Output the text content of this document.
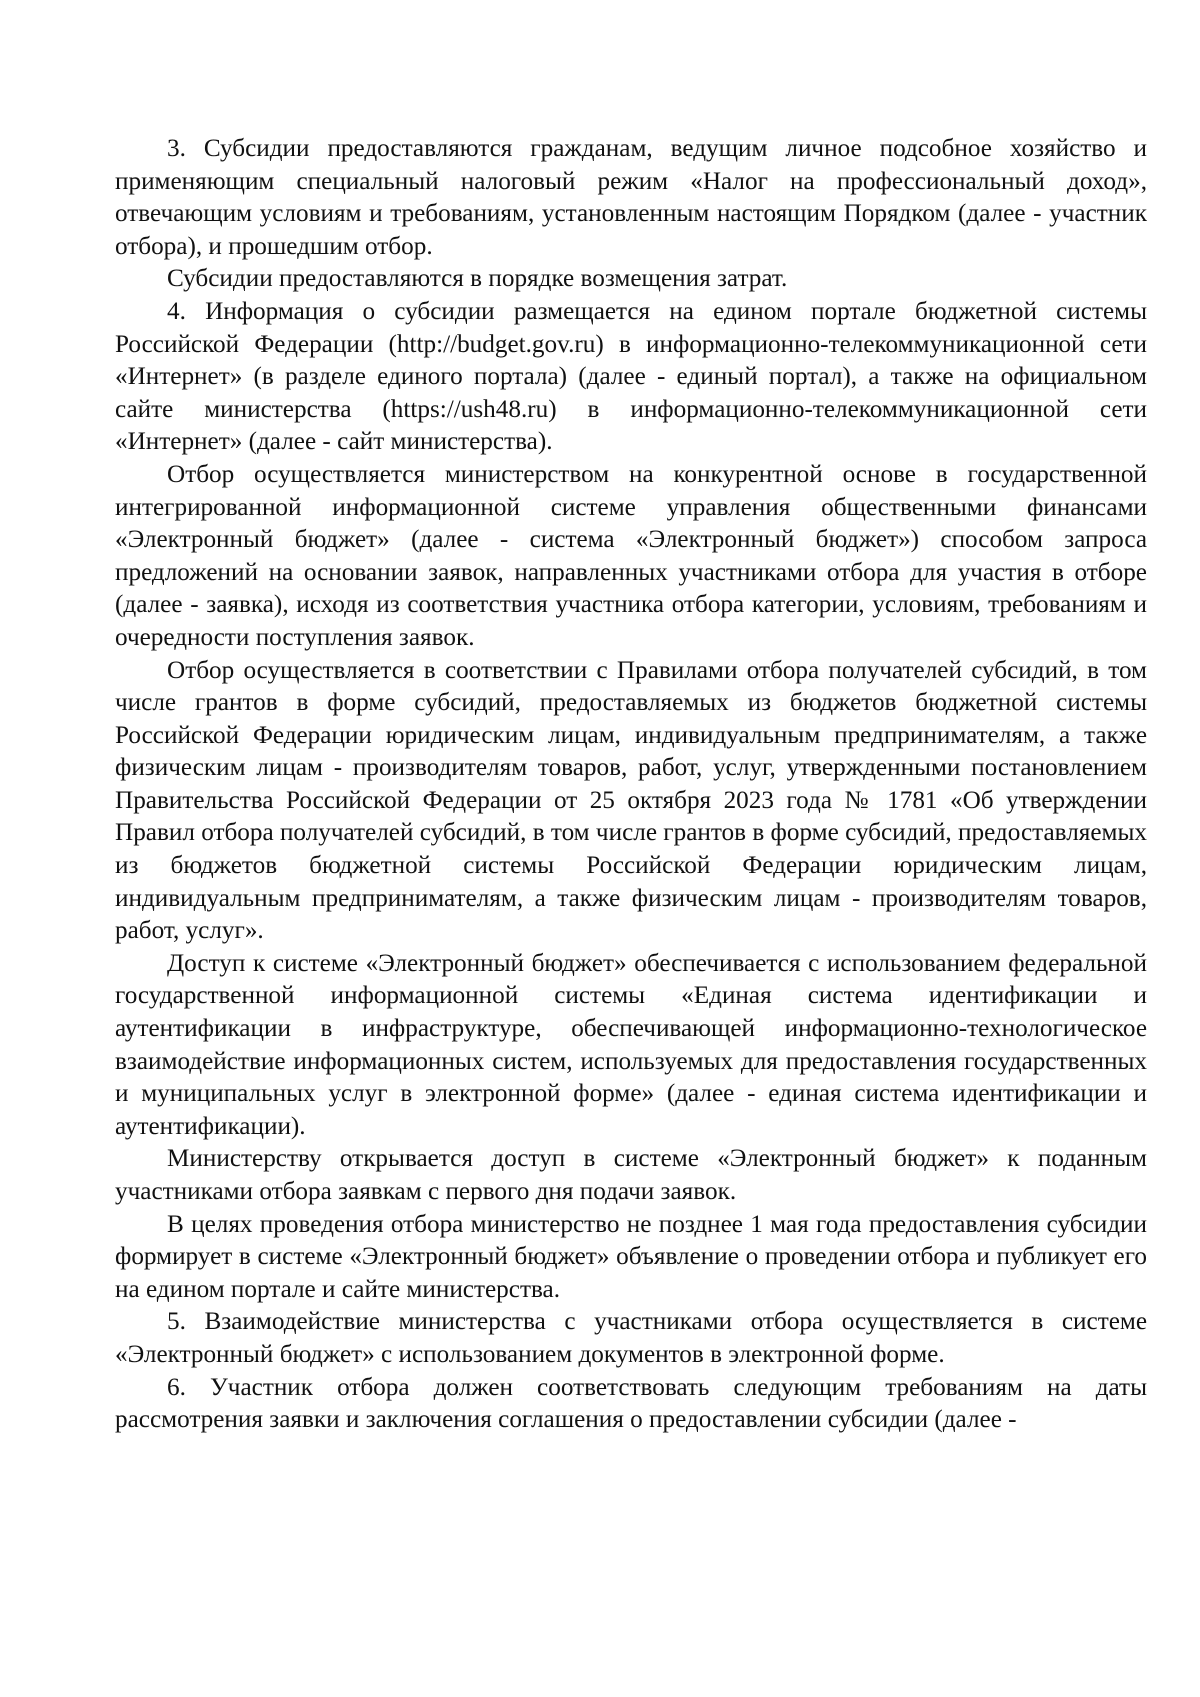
3. Субсидии предоставляются гражданам, ведущим личное подсобное хозяйство и применяющим специальный налоговый режим «Налог на профессиональный доход», отвечающим условиям и требованиям, установленным настоящим Порядком (далее - участник отбора), и прошедшим отбор.

Субсидии предоставляются в порядке возмещения затрат.

4. Информация о субсидии размещается на едином портале бюджетной системы Российской Федерации (http://budget.gov.ru) в информационно-телекоммуникационной сети «Интернет» (в разделе единого портала) (далее - единый портал), а также на официальном сайте министерства (https://ush48.ru) в информационно-телекоммуникационной сети «Интернет» (далее - сайт министерства).

Отбор осуществляется министерством на конкурентной основе в государственной интегрированной информационной системе управления общественными финансами «Электронный бюджет» (далее - система «Электронный бюджет») способом запроса предложений на основании заявок, направленных участниками отбора для участия в отборе (далее - заявка), исходя из соответствия участника отбора категории, условиям, требованиям и очередности поступления заявок.

Отбор осуществляется в соответствии с Правилами отбора получателей субсидий, в том числе грантов в форме субсидий, предоставляемых из бюджетов бюджетной системы Российской Федерации юридическим лицам, индивидуальным предпринимателям, а также физическим лицам - производителям товаров, работ, услуг, утвержденными постановлением Правительства Российской Федерации от 25 октября 2023 года № 1781 «Об утверждении Правил отбора получателей субсидий, в том числе грантов в форме субсидий, предоставляемых из бюджетов бюджетной системы Российской Федерации юридическим лицам, индивидуальным предпринимателям, а также физическим лицам - производителям товаров, работ, услуг».

Доступ к системе «Электронный бюджет» обеспечивается с использованием федеральной государственной информационной системы «Единая система идентификации и аутентификации в инфраструктуре, обеспечивающей информационно-технологическое взаимодействие информационных систем, используемых для предоставления государственных и муниципальных услуг в электронной форме» (далее - единая система идентификации и аутентификации).

Министерству открывается доступ в системе «Электронный бюджет» к поданным участниками отбора заявкам с первого дня подачи заявок.

В целях проведения отбора министерство не позднее 1 мая года предоставления субсидии формирует в системе «Электронный бюджет» объявление о проведении отбора и публикует его на едином портале и сайте министерства.

5. Взаимодействие министерства с участниками отбора осуществляется в системе «Электронный бюджет» с использованием документов в электронной форме.

6. Участник отбора должен соответствовать следующим требованиям на даты рассмотрения заявки и заключения соглашения о предоставлении субсидии (далее -
